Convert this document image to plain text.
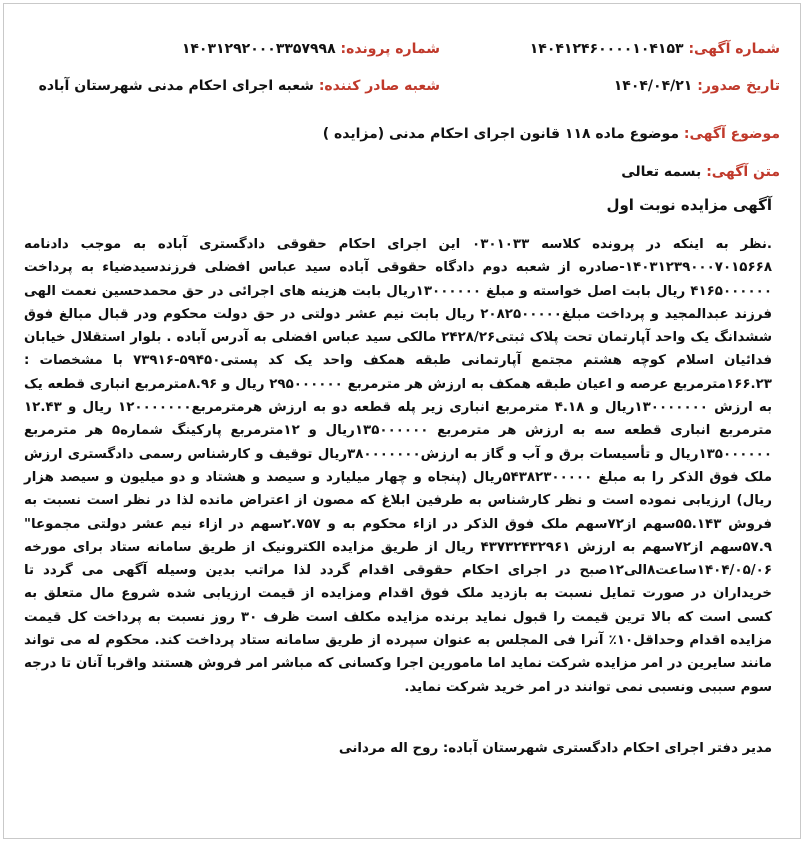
شماره آگهی: ۱۴۰۴۱۲۴۶۰۰۰۰۱۰۴۱۵۳
شماره پرونده: ۱۴۰۳۱۲۹۲۰۰۰۳۳۵۷۹۹۸
تاریخ صدور: ۱۴۰۴/۰۴/۲۱
شعبه صادر کننده: شعبه اجرای احکام مدنی شهرستان آباده
موضوع آگهی: موضوع ماده ۱۱۸ قانون اجرای احکام مدنی (مزایده )
متن آگهی: بسمه تعالی
آگهی مزایده نوبت اول
.نظر به اینکه در پرونده کلاسه ۰۳۰۱۰۳۳ این اجرای احکام حقوقی دادگستری آباده به موجب دادنامه ۱۴۰۳۱۲۳۹۰۰۰۷۰۱۵۶۶۸-صادره از شعبه دوم دادگاه حقوقی آباده سید عباس افضلی فرزندسیدضیاء به پرداخت ۴۱۶۵۰۰۰۰۰۰ ریال بابت اصل خواسته و مبلغ ۱۳۰۰۰۰۰۰ریال بابت هزینه های اجرائی در حق محمدحسین نعمت الهی فرزند عبدالمجید و پرداخت مبلغ۲۰۸۲۵۰۰۰۰۰ ریال بابت نیم عشر دولتی در حق دولت محکوم ودر قبال مبالغ فوق ششدانگ یک واحد آپارتمان تحت پلاک ثبتی۲۴۲۸/۲۶ مالکی سید عباس افضلی به آدرس آباده . بلوار استقلال خیابان فدائیان اسلام کوچه هشتم مجتمع آپارتمانی طبقه همکف واحد یک کد پستی۵۹۴۵۰-۷۳۹۱۶ با مشخصات : ۱۶۶.۲۳مترمربع عرصه و اعیان طبقه همکف به ارزش هر مترمربع ۲۹۵۰۰۰۰۰۰ ریال و ۸.۹۶مترمربع انباری قطعه یک به ارزش ۱۳۰۰۰۰۰۰۰ریال و ۴.۱۸ مترمربع انباری زیر پله قطعه دو به ارزش هرمترمربع۱۲۰۰۰۰۰۰۰ ریال و ۱۲.۴۳ مترمربع انباری قطعه سه به ارزش هر مترمربع ۱۳۵۰۰۰۰۰۰ریال و ۱۲مترمربع پارکینگ شماره۵ هر مترمربع ۱۳۵۰۰۰۰۰۰ریال و تأسیسات برق و آب و گاز به ارزش۳۸۰۰۰۰۰۰۰ریال توقیف و کارشناس رسمی دادگستری ارزش ملک فوق الذکر را به مبلغ ۵۴۳۸۲۳۰۰۰۰۰ریال (پنجاه و چهار میلیارد و سیصد و هشتاد و دو میلیون و سیصد هزار ریال) ارزیابی نموده است و نظر کارشناس به طرفین ابلاغ که مصون از اعتراض مانده لذا در نظر است نسبت به فروش ۵۵.۱۴۳سهم از۷۲سهم ملک فوق الذکر در ازاء محکوم به و ۲.۷۵۷سهم در ازاء نیم عشر دولتی مجموعا" ۵۷.۹سهم از۷۲سهم به ارزش ۴۳۷۳۲۴۳۲۹۶۱ ریال از طریق مزایده الکترونیک از طریق سامانه ستاد برای مورخه ۱۴۰۴/۰۵/۰۶ساعت۸الی۱۲صبح در اجرای احکام حقوقی اقدام گردد لذا مراتب بدین وسیله آگهی می گردد تا خریداران در صورت تمایل نسبت به بازدید ملک فوق اقدام ومزایده از قیمت ارزیابی شده شروع مال متعلق به کسی است که بالا ترین قیمت را قبول نماید برنده مزایده مکلف است ظرف ۳۰ روز نسبت به پرداخت کل قیمت مزایده اقدام وحداقل۱۰٪ آنرا فی المجلس به عنوان سپرده از طریق سامانه ستاد پرداخت کند. محکوم له می تواند مانند سایرین در امر مزایده شرکت نماید اما مامورین اجرا وکسانی که مباشر امر فروش هستند واقربا آنان تا درجه سوم سببی ونسبی نمی توانند در امر خرید شرکت نماید.
مدیر دفتر اجرای احکام دادگستری شهرستان آباده: روح اله مردانی
